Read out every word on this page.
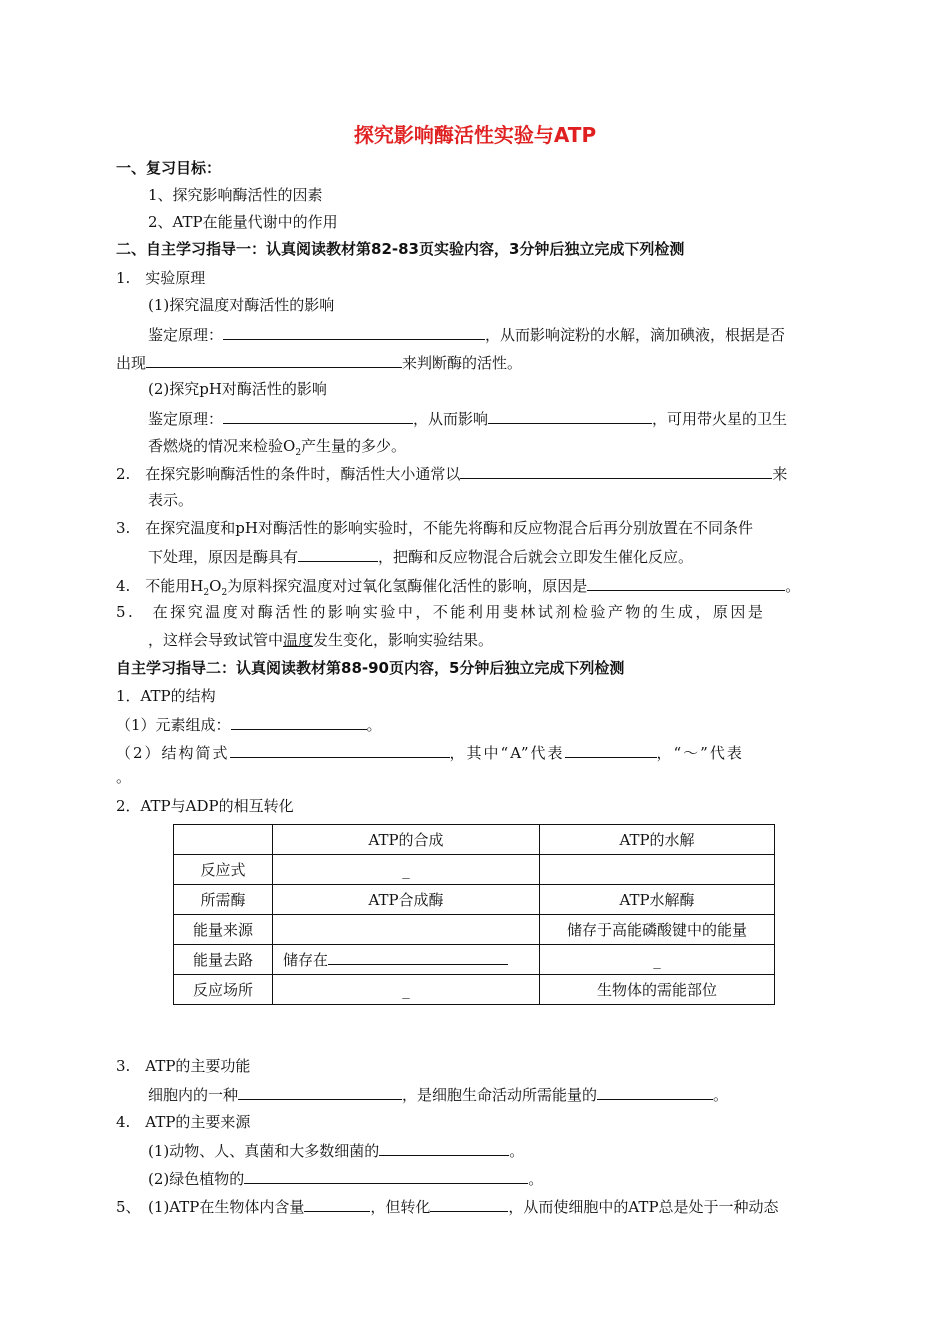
探究影响酶活性实验与ATP
一、复习目标：
1、探究影响酶活性的因素
2、ATP在能量代谢中的作用
二、自主学习指导一：认真阅读教材第82-83页实验内容，3分钟后独立完成下列检测
1.　实验原理
(1)探究温度对酶活性的影响
鉴定原理：	，从而影响淀粉的水解，滴加碘液，根据是否
出现	来判断酶的活性。
(2)探究pH对酶活性的影响
鉴定原理：	，从而影响	，可用带火星的卫生
香燃烧的情况来检验$O_2$产生量的多少。
2.　在探究影响酶活性的条件时，酶活性大小通常以	来
表示。
3.　在探究温度和pH对酶活性的影响实验时，不能先将酶和反应物混合后再分别放置在不同条件
下处理，原因是酶具有	，把酶和反应物混合后就会立即发生催化反应。
4.　不能用$H_2O_2$为原料探究温度对过氧化氢酶催化活性的影响，原因是	。
5.　在探究温度对酶活性的影响实验中，不能利用斐林试剂检验产物的生成，原因是
，这样会导致试管中温度发生变化，影响实验结果。
自主学习指导二：认真阅读教材第88-90页内容，5分钟后独立完成下列检测
1．ATP的结构
（1）元素组成：	。
（2）结构简式	，其中“A”代表	，“～”代表
。
2．ATP与ADP的相互转化
	ATP的合成	ATP的水解
反应式	_	
所需酶	ATP合成酶	ATP水解酶
能量来源		储存于高能磷酸键中的能量
能量去路	储存在	_
反应场所	_	生物体的需能部位
3.　ATP的主要功能
细胞内的一种	，是细胞生命活动所需能量的	。
4.　ATP的主要来源
(1)动物、人、真菌和大多数细菌的	。
(2)绿色植物的	。
5、　(1)ATP在生物体内含量	，但转化	，从而使细胞中的ATP总是处于一种动态
